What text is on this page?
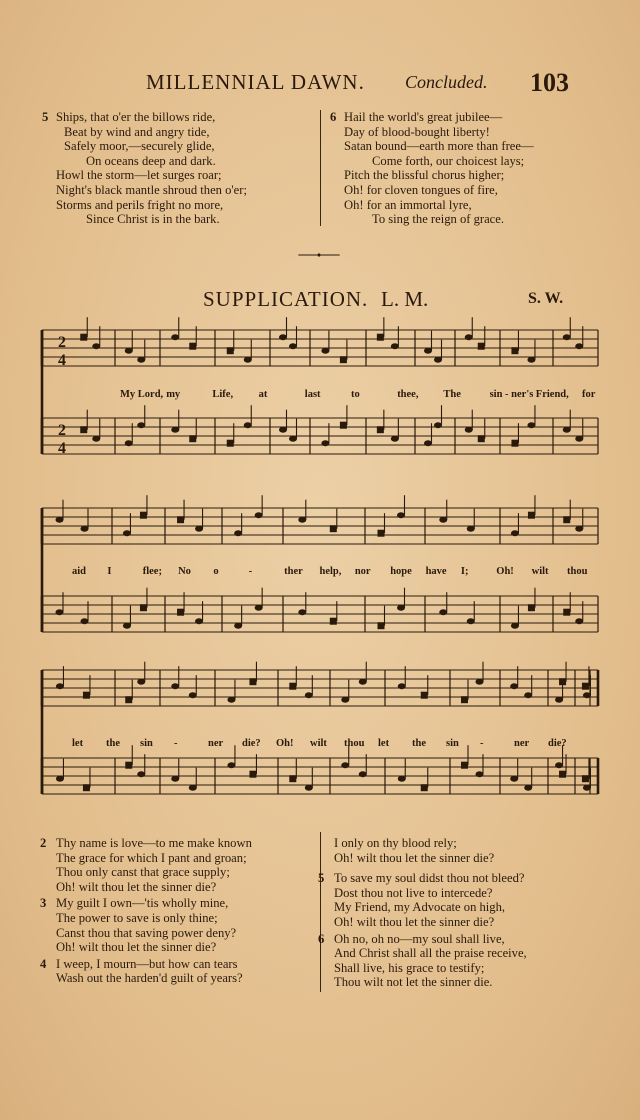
MILLENNIAL DAWN. Concluded. 103
5 Ships, that o'er the billows ride,
Beat by wind and angry tide,
Safely moor,—securely glide,
On oceans deep and dark.
Howl the storm—let surges roar;
Night's black mantle shroud then o'er;
Storms and perils fright no more,
Since Christ is in the bark.
6 Hail the world's great jubilee—
Day of blood-bought liberty!
Satan bound—earth more than free—
Come forth, our choicest lays;
Pitch the blissful chorus higher;
Oh! for cloven tongues of fire,
Oh! for an immortal lyre,
To sing the reign of grace.
SUPPLICATION. L. M.	S. W.
2
4
2
4
My Lord, my	Life, at	last	to	thee, The	sin - ner's Friend, for
aid I	flee; No o	-	ther help, nor hope have I;	Oh! wilt thou
let the sin -	ner die? Oh! wilt thou let the sin -	ner die?
2 Thy name is love—to me make known
The grace for which I pant and groan;
Thou only canst that grace supply;
Oh! wilt thou let the sinner die?
3 My guilt I own—'tis wholly mine,
The power to save is only thine;
Canst thou that saving power deny?
Oh! wilt thou let the sinner die?
4 I weep, I mourn—but how can tears
Wash out the harden'd guilt of years?
I only on thy blood rely;
Oh! wilt thou let the sinner die?
5 To save my soul didst thou not bleed?
Dost thou not live to intercede?
My Friend, my Advocate on high,
Oh! wilt thou let the sinner die?
6 Oh no, oh no—my soul shall live,
And Christ shall all the praise receive,
Shall live, his grace to testify;
Thou wilt not let the sinner die.
